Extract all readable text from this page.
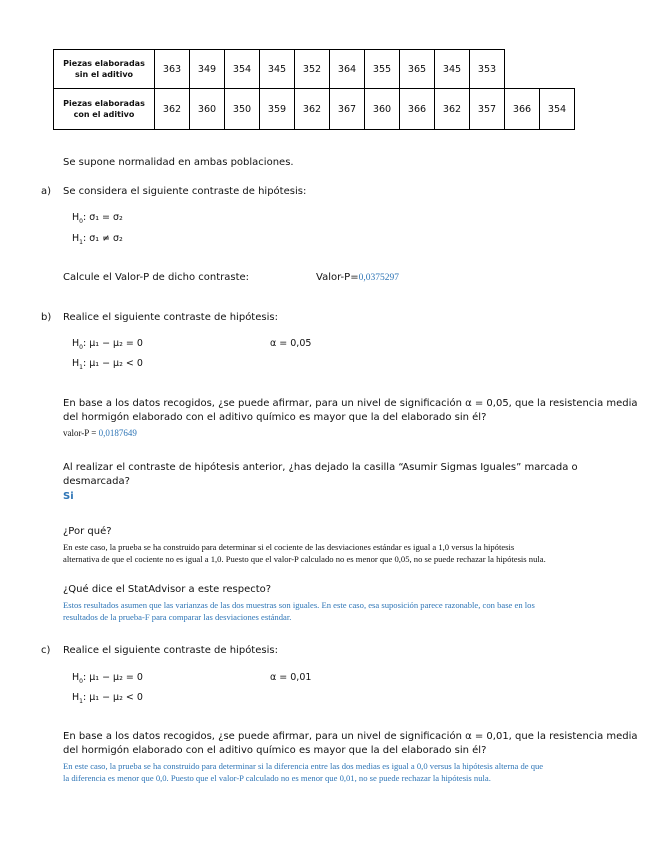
Piezas elaboradas
sin el aditivo	363	349	354	345	352	364	355	365	345	353		
Piezas elaboradas
con el aditivo	362	360	350	359	362	367	360	366	362	357	366	354
Se supone normalidad en ambas poblaciones.
a) Se considera el siguiente contraste de hipótesis:
$H_0$: σ₁ = σ₂
$H_1$: σ₁ ≠ σ₂
Calcule el Valor-P de dicho contraste:	Valor-P=0,0375297
b) Realice el siguiente contraste de hipótesis:
$H_0$: μ₁ − μ₂ = 0	α = 0,05
$H_1$: μ₁ − μ₂ < 0
En base a los datos recogidos, ¿se puede afirmar, para un nivel de significación α = 0,05, que la resistencia media
del hormigón elaborado con el aditivo químico es mayor que la del elaborado sin él?
valor-P = 0,0187649
Al realizar el contraste de hipótesis anterior, ¿has dejado la casilla “Asumir Sigmas Iguales” marcada o
desmarcada?
Si
¿Por qué?
En este caso, la prueba se ha construido para determinar si el cociente de las desviaciones estándar es igual a 1,0 versus la hipótesis
alternativa de que el cociente no es igual a 1,0. Puesto que el valor-P calculado no es menor que 0,05, no se puede rechazar la hipótesis nula.
¿Qué dice el StatAdvisor a este respecto?
Estos resultados asumen que las varianzas de las dos muestras son iguales. En este caso, esa suposición parece razonable, con base en los
resultados de la prueba-F para comparar las desviaciones estándar.
c) Realice el siguiente contraste de hipótesis:
$H_0$: μ₁ − μ₂ = 0	α = 0,01
$H_1$: μ₁ − μ₂ < 0
En base a los datos recogidos, ¿se puede afirmar, para un nivel de significación α = 0,01, que la resistencia media
del hormigón elaborado con el aditivo químico es mayor que la del elaborado sin él?
En este caso, la prueba se ha construido para determinar si la diferencia entre las dos medias es igual a 0,0 versus la hipótesis alterna de que
la diferencia es menor que 0,0. Puesto que el valor-P calculado no es menor que 0,01, no se puede rechazar la hipótesis nula.
